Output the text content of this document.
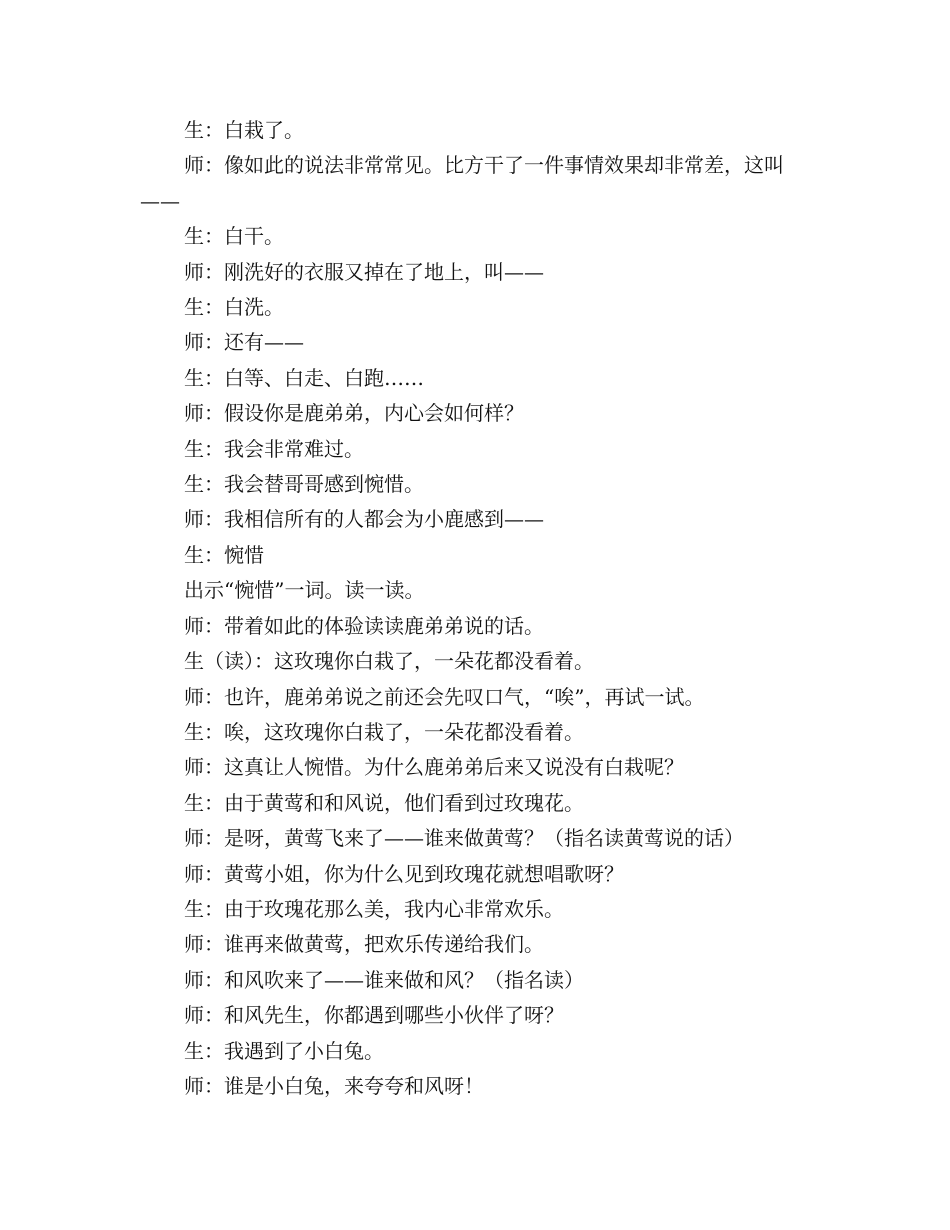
生：白栽了。

师：像如此的说法非常常见。比方干了一件事情效果却非常差，这叫——

生：白干。

师：刚洗好的衣服又掉在了地上，叫——

生：白洗。

师：还有——

生：白等、白走、白跑……

师：假设你是鹿弟弟，内心会如何样？

生：我会非常难过。

生：我会替哥哥感到惋惜。

师：我相信所有的人都会为小鹿感到——

生：惋惜

出示“惋惜”一词。读一读。

师：带着如此的体验读读鹿弟弟说的话。

生（读）：这玫瑰你白栽了，一朵花都没看着。

师：也许，鹿弟弟说之前还会先叹口气，“唉”，再试一试。

生：唉，这玫瑰你白栽了，一朵花都没看着。

师：这真让人惋惜。为什么鹿弟弟后来又说没有白栽呢？

生：由于黄莺和和风说，他们看到过玫瑰花。

师：是呀，黄莺飞来了——谁来做黄莺？（指名读黄莺说的话）

师：黄莺小姐，你为什么见到玫瑰花就想唱歌呀？

生：由于玫瑰花那么美，我内心非常欢乐。

师：谁再来做黄莺，把欢乐传递给我们。

师：和风吹来了——谁来做和风？（指名读）

师：和风先生，你都遇到哪些小伙伴了呀？

生：我遇到了小白兔。

师：谁是小白兔，来夸夸和风呀！
